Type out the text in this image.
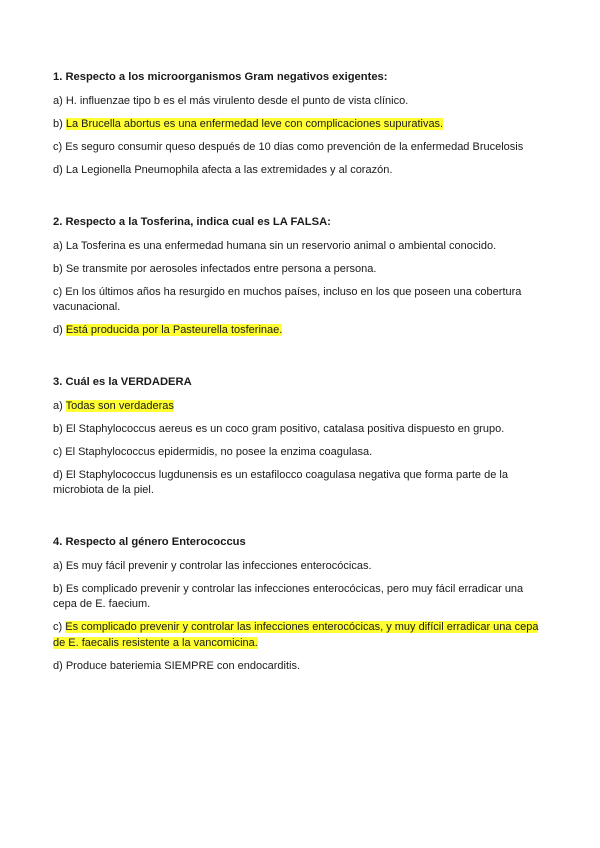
1. Respecto a los microorganismos Gram negativos exigentes:
a) H. influenzae tipo b es el más virulento desde el punto de vista clínico.
b) La Brucella abortus es una enfermedad leve con complicaciones supurativas.
c) Es seguro consumir queso después de 10 dias como prevención de la enfermedad Brucelosis
d) La Legionella Pneumophila afecta a las extremidades y al corazón.
2. Respecto a la Tosferina, indica cual es LA FALSA:
a) La Tosferina es una enfermedad humana sin un reservorio animal o ambiental conocido.
b) Se transmite por aerosoles infectados entre persona a persona.
c) En los últimos años ha resurgido en muchos países, incluso en los que poseen una cobertura vacunacional.
d) Está producida por la Pasteurella tosferinae.
3. Cuál es la VERDADERA
a) Todas son verdaderas
b) El Staphylococcus aereus es un coco gram positivo, catalasa positiva dispuesto en grupo.
c) El Staphylococcus epidermidis, no posee la enzima coagulasa.
d) El Staphylococcus lugdunensis es un estafilocco coagulasa negativa que forma parte de la microbiota de la piel.
4. Respecto al género Enterococcus
a) Es muy fácil prevenir y controlar las infecciones enterocócicas.
b) Es complicado prevenir y controlar las infecciones enterocócicas, pero muy fácil erradicar una cepa de E. faecium.
c) Es complicado prevenir y controlar las infecciones enterocócicas, y muy difícil erradicar una cepa de E. faecalis resistente a la vancomicina.
d) Produce bateriemia SIEMPRE con endocarditis.
